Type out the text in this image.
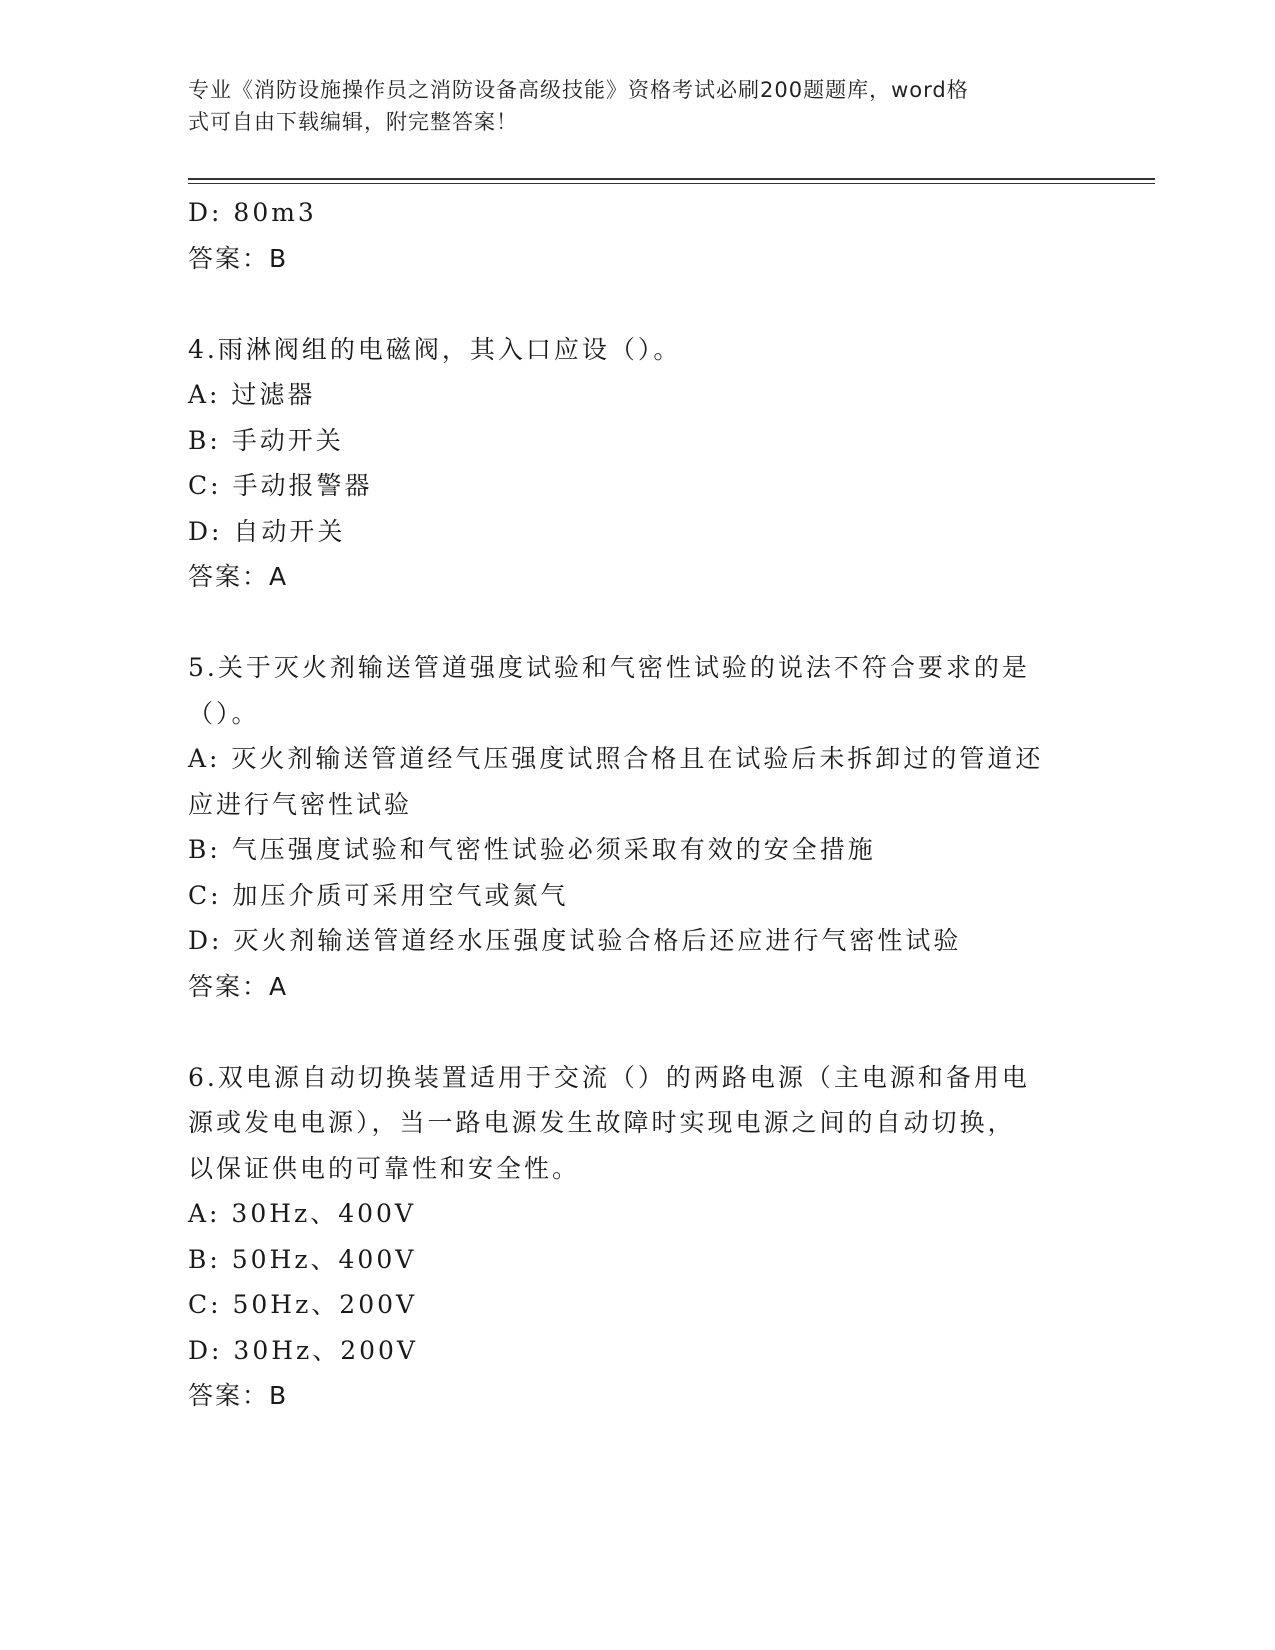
专业《消防设施操作员之消防设备高级技能》资格考试必刷200题题库，word格
式可自由下载编辑，附完整答案！
D: 80m3
答案：B
4.雨淋阀组的电磁阀，其入口应设（）。
A: 过滤器
B: 手动开关
C: 手动报警器
D: 自动开关
答案：A
5.关于灭火剂输送管道强度试验和气密性试验的说法不符合要求的是
（）。
A: 灭火剂输送管道经气压强度试照合格且在试验后未拆卸过的管道还
应进行气密性试验
B: 气压强度试验和气密性试验必须采取有效的安全措施
C: 加压介质可采用空气或氮气
D: 灭火剂输送管道经水压强度试验合格后还应进行气密性试验
答案：A
6.双电源自动切换装置适用于交流（）的两路电源（主电源和备用电
源或发电电源），当一路电源发生故障时实现电源之间的自动切换，
以保证供电的可靠性和安全性。
A: 30Hz、400V
B: 50Hz、400V
C: 50Hz、200V
D: 30Hz、200V
答案：B
